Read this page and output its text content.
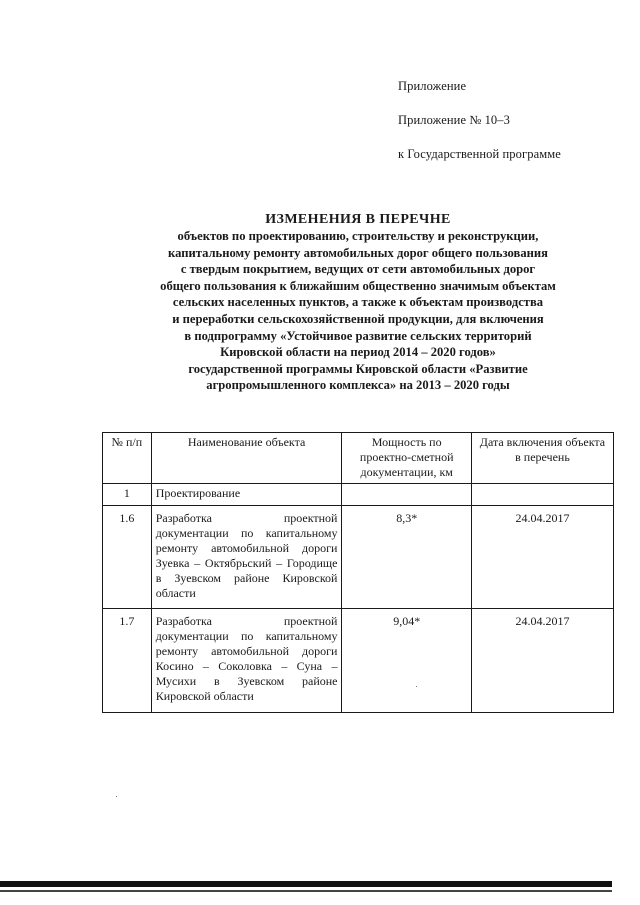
Приложение
Приложение № 10–3
к Государственной программе
ИЗМЕНЕНИЯ В ПЕРЕЧНЕ
объектов по проектированию, строительству и реконструкции,
капитальному ремонту автомобильных дорог общего пользования
с твердым покрытием, ведущих от сети автомобильных дорог
общего пользования к ближайшим общественно значимым объектам
сельских населенных пунктов, а также к объектам производства
и переработки сельскохозяйственной продукции, для включения
в подпрограмму «Устойчивое развитие сельских территорий
Кировской области на период 2014 – 2020 годов»
государственной программы Кировской области «Развитие
агропромышленного комплекса» на 2013 – 2020 годы
№ п/п	Наименование объекта	Мощность по проектно-сметной документации, км	Дата включения объекта в перечень
1	Проектирование		
1.6	Разработка проектной документации по капитальному ремонту автомобильной дороги Зуевка – Октябрьский – Городище в Зуевском районе Кировской области	8,3*	24.04.2017
1.7	Разработка проектной документации по капитальному ремонту автомобильной дороги Косино – Соколовка – Суна – Мусихи в Зуевском районе Кировской области	9,04*	24.04.2017
